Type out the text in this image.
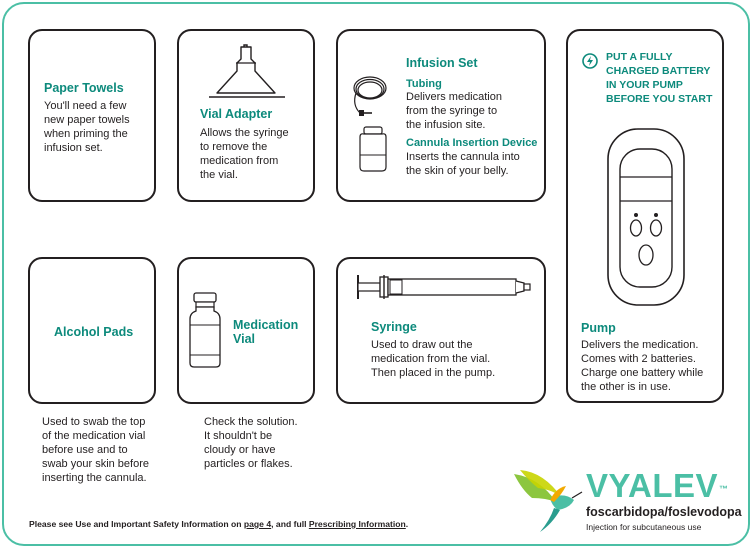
Paper Towels
You'll need a few
new paper towels
when priming the
infusion set.
Vial Adapter
Allows the syringe
to remove the
medication from
the vial.
Infusion Set
Tubing
Delivers medication
from the syringe to
the infusion site.
Cannula Insertion Device
Inserts the cannula into
the skin of your belly.
PUT A FULLY
CHARGED BATTERY
IN YOUR PUMP
BEFORE YOU START
Pump
Delivers the medication.
Comes with 2 batteries.
Charge one battery while
the other is in use.
Alcohol Pads
Used to swab the top
of the medication vial
before use and to
swab your skin before
inserting the cannula.
Medication
Vial
Check the solution.
It shouldn't be
cloudy or have
particles or flakes.
Syringe
Used to draw out the
medication from the vial.
Then placed in the pump.
Please see Use and Important Safety Information on page 4, and full Prescribing Information.
VYALEV™
foscarbidopa/foslevodopa
Injection for subcutaneous use
